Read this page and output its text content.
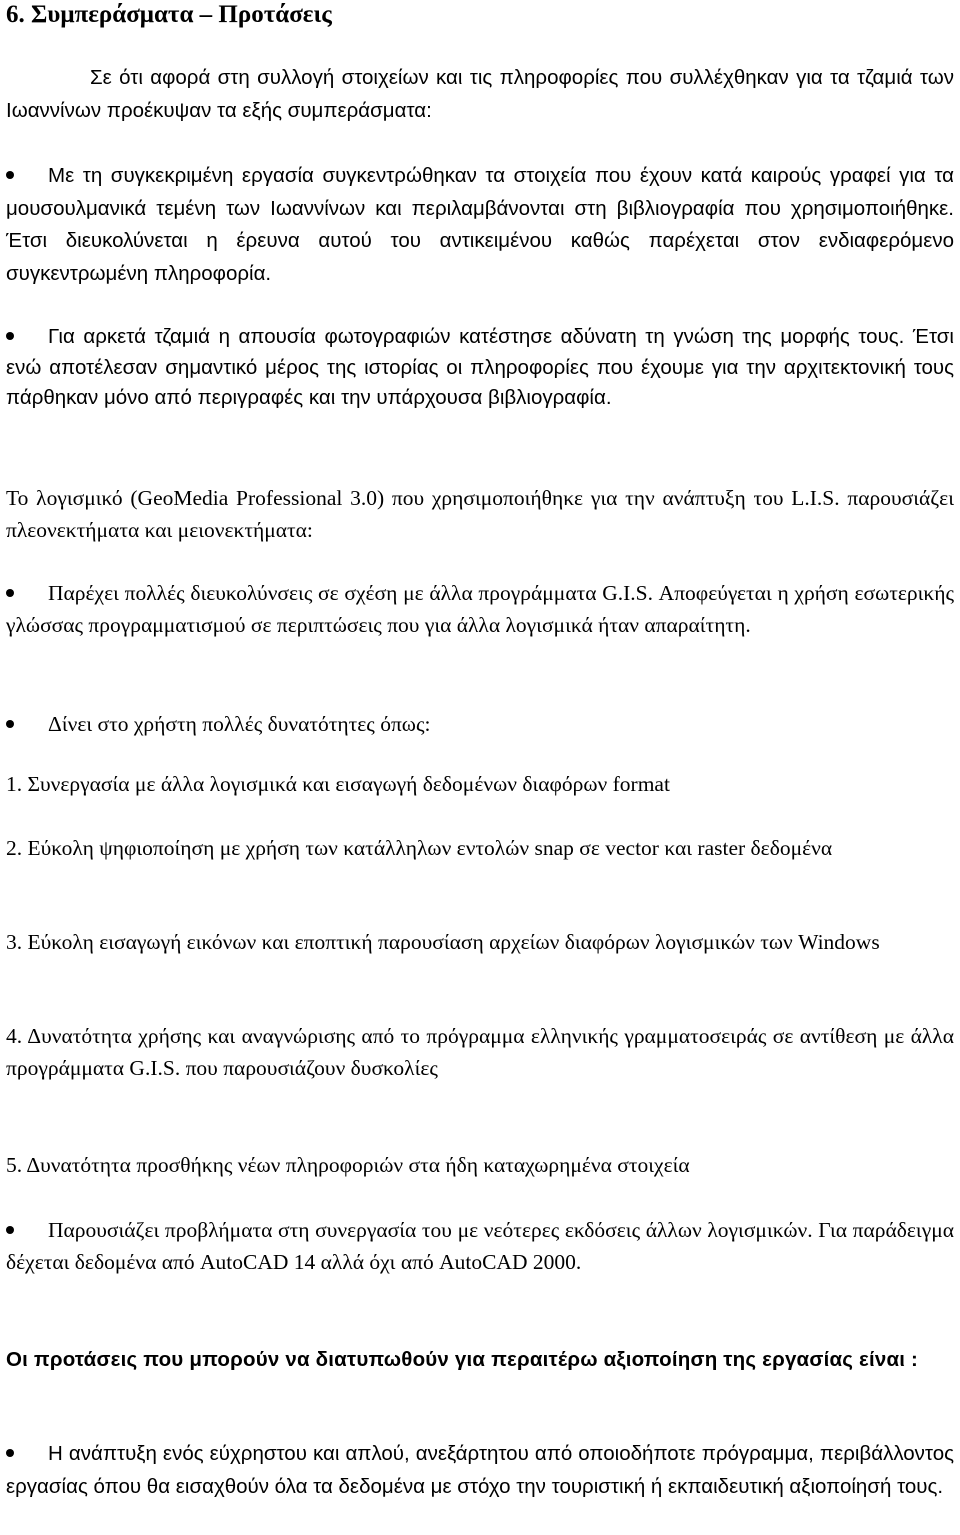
6. Συμπεράσματα – Προτάσεις

Σε ότι αφορά στη συλλογή στοιχείων και τις πληροφορίες που συλλέχθηκαν για τα τζαμιά των Ιωαννίνων προέκυψαν τα εξής συμπεράσματα:

Με τη συγκεκριμένη εργασία συγκεντρώθηκαν τα στοιχεία που έχουν κατά καιρούς γραφεί για τα μουσουλμανικά τεμένη των Ιωαννίνων και περιλαμβάνονται στη βιβλιογραφία που χρησιμοποιήθηκε. Έτσι διευκολύνεται η έρευνα αυτού του αντικειμένου καθώς παρέχεται στον ενδιαφερόμενο συγκεντρωμένη πληροφορία.
Για αρκετά τζαμιά η απουσία φωτογραφιών κατέστησε αδύνατη τη γνώση της μορφής τους. Έτσι ενώ αποτέλεσαν σημαντικό μέρος της ιστορίας οι πληροφορίες που έχουμε για την αρχιτεκτονική τους πάρθηκαν μόνο από περιγραφές και την υπάρχουσα βιβλιογραφία.

Το λογισμικό (GeoMedia Professional 3.0) που χρησιμοποιήθηκε για την ανάπτυξη του L.I.S. παρουσιάζει πλεονεκτήματα και μειονεκτήματα:

Παρέχει πολλές διευκολύνσεις σε σχέση με άλλα προγράμματα G.I.S. Αποφεύγεται η χρήση εσωτερικής γλώσσας προγραμματισμού σε περιπτώσεις που για άλλα λογισμικά ήταν απαραίτητη.
Δίνει στο χρήστη πολλές δυνατότητες όπως:

1. Συνεργασία με άλλα λογισμικά και εισαγωγή δεδομένων διαφόρων format

2. Εύκολη ψηφιοποίηση με χρήση των κατάλληλων εντολών snap σε vector και raster δεδομένα

3. Εύκολη εισαγωγή εικόνων και εποπτική παρουσίαση αρχείων διαφόρων λογισμικών των Windows

4. Δυνατότητα χρήσης και αναγνώρισης από το πρόγραμμα ελληνικής γραμματοσειράς σε αντίθεση με άλλα προγράμματα G.I.S. που παρουσιάζουν δυσκολίες

5. Δυνατότητα προσθήκης νέων πληροφοριών στα ήδη καταχωρημένα στοιχεία

Παρουσιάζει προβλήματα στη συνεργασία του με νεότερες εκδόσεις άλλων λογισμικών. Για παράδειγμα δέχεται δεδομένα από AutoCAD 14 αλλά όχι από AutoCAD 2000.

Οι προτάσεις που μπορούν να διατυπωθούν για περαιτέρω αξιοποίηση της εργασίας είναι :

Η ανάπτυξη ενός εύχρηστου και απλού, ανεξάρτητου από οποιοδήποτε πρόγραμμα, περιβάλλοντος εργασίας όπου θα εισαχθούν όλα τα δεδομένα με στόχο την τουριστική ή εκπαιδευτική αξιοποίησή τους.
